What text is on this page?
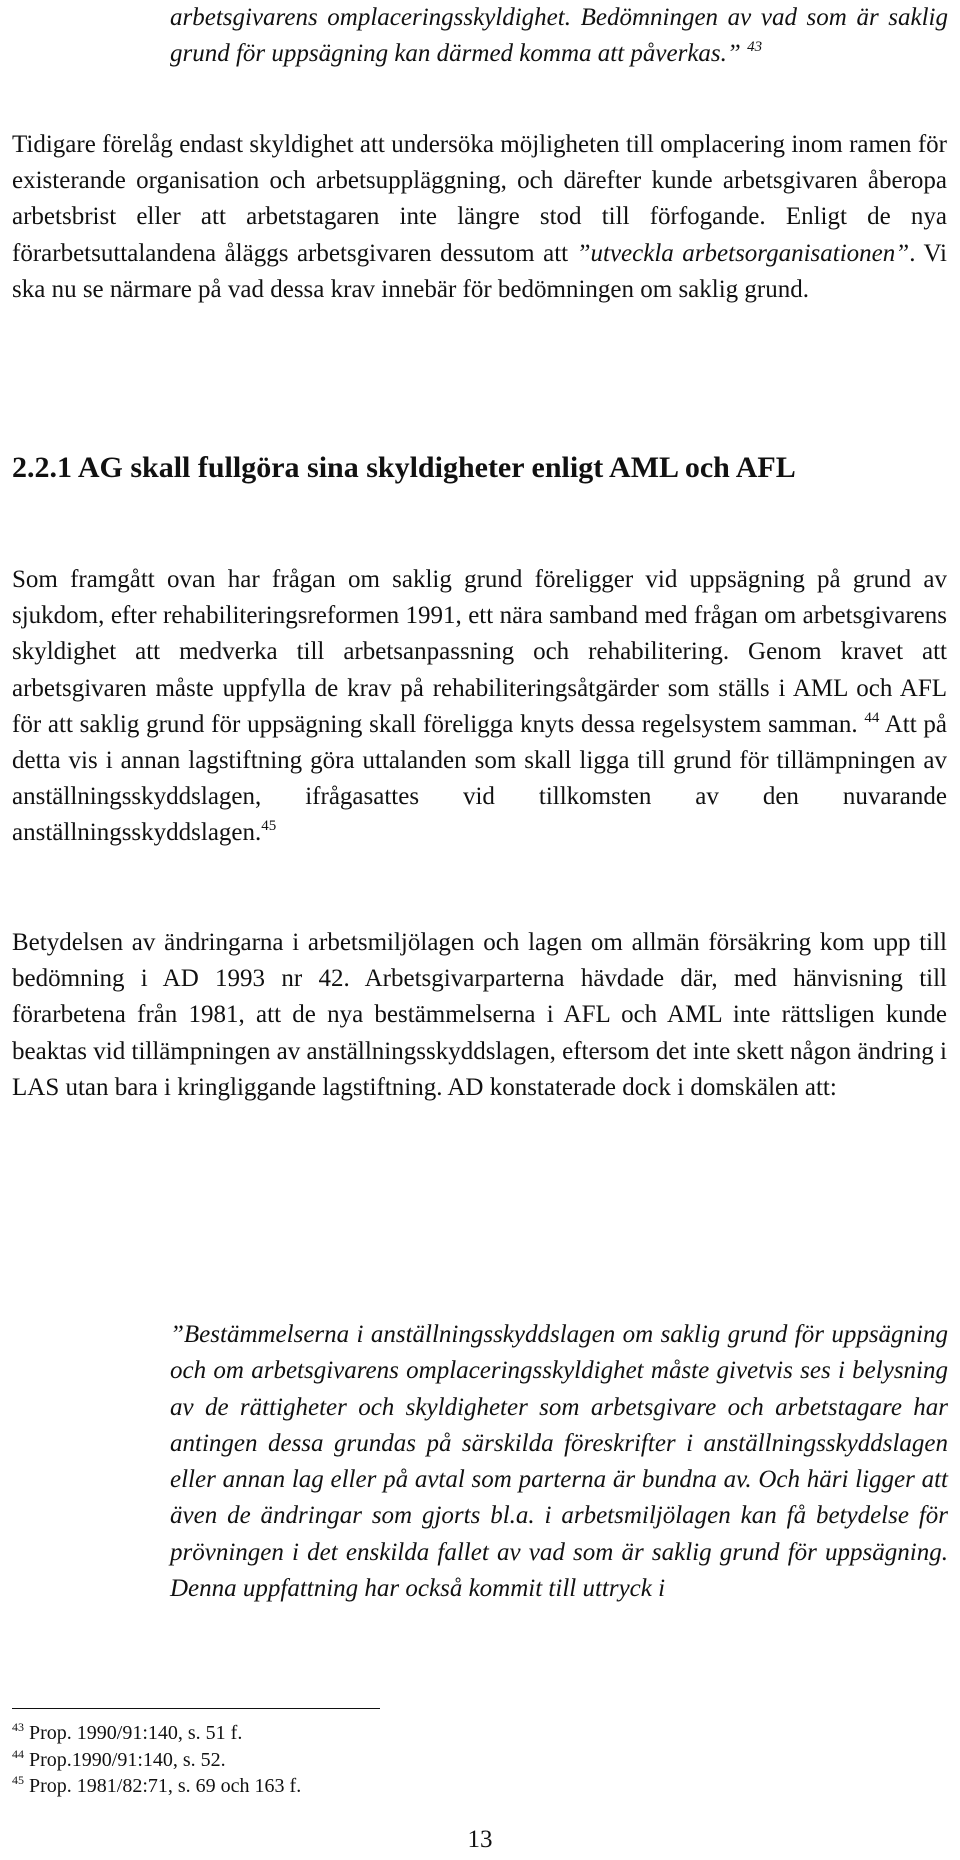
arbetsgivarens omplaceringsskyldighet. Bedömningen av vad som är saklig grund för uppsägning kan därmed komma att påverkas.” $^{43}$

Tidigare förelåg endast skyldighet att undersöka möjligheten till omplacering inom ramen för existerande organisation och arbetsuppläggning, och därefter kunde arbetsgivaren åberopa arbetsbrist eller att arbetstagaren inte längre stod till förfogande. Enligt de nya förarbetsuttalandena åläggs arbetsgivaren dessutom att ”utveckla arbetsorganisationen”. Vi ska nu se närmare på vad dessa krav innebär för bedömningen om saklig grund.

2.2.1 AG skall fullgöra sina skyldigheter enligt AML och AFL

Som framgått ovan har frågan om saklig grund föreligger vid uppsägning på grund av sjukdom, efter rehabiliteringsreformen 1991, ett nära samband med frågan om arbetsgivarens skyldighet att medverka till arbetsanpassning och rehabilitering. Genom kravet att arbetsgivaren måste uppfylla de krav på rehabiliteringsåtgärder som ställs i AML och AFL för att saklig grund för uppsägning skall föreligga knyts dessa regelsystem samman. $^{44}$ Att på detta vis i annan lagstiftning göra uttalanden som skall ligga till grund för tillämpningen av anställningsskyddslagen, ifrågasattes vid tillkomsten av den nuvarande anställningsskyddslagen.$^{45}$

Betydelsen av ändringarna i arbetsmiljölagen och lagen om allmän försäkring kom upp till bedömning i AD 1993 nr 42. Arbetsgivarparterna hävdade där, med hänvisning till förarbetena från 1981, att de nya bestämmelserna i AFL och AML inte rättsligen kunde beaktas vid tillämpningen av anställningsskyddslagen, eftersom det inte skett någon ändring i LAS utan bara i kringliggande lagstiftning. AD konstaterade dock i domskälen att:

”Bestämmelserna i anställningsskyddslagen om saklig grund för uppsägning och om arbetsgivarens omplaceringsskyldighet måste givetvis ses i belysning av de rättigheter och skyldigheter som arbetsgivare och arbetstagare har antingen dessa grundas på särskilda föreskrifter i anställningsskyddslagen eller annan lag eller på avtal som parterna är bundna av. Och häri ligger att även de ändringar som gjorts bl.a. i arbetsmiljölagen kan få betydelse för prövningen i det enskilda fallet av vad som är saklig grund för uppsägning. Denna uppfattning har också kommit till uttryck i

$^{43}$ Prop. 1990/91:140, s. 51 f.
$^{44}$ Prop.1990/91:140, s. 52.
$^{45}$ Prop. 1981/82:71, s. 69 och 163 f.
13
